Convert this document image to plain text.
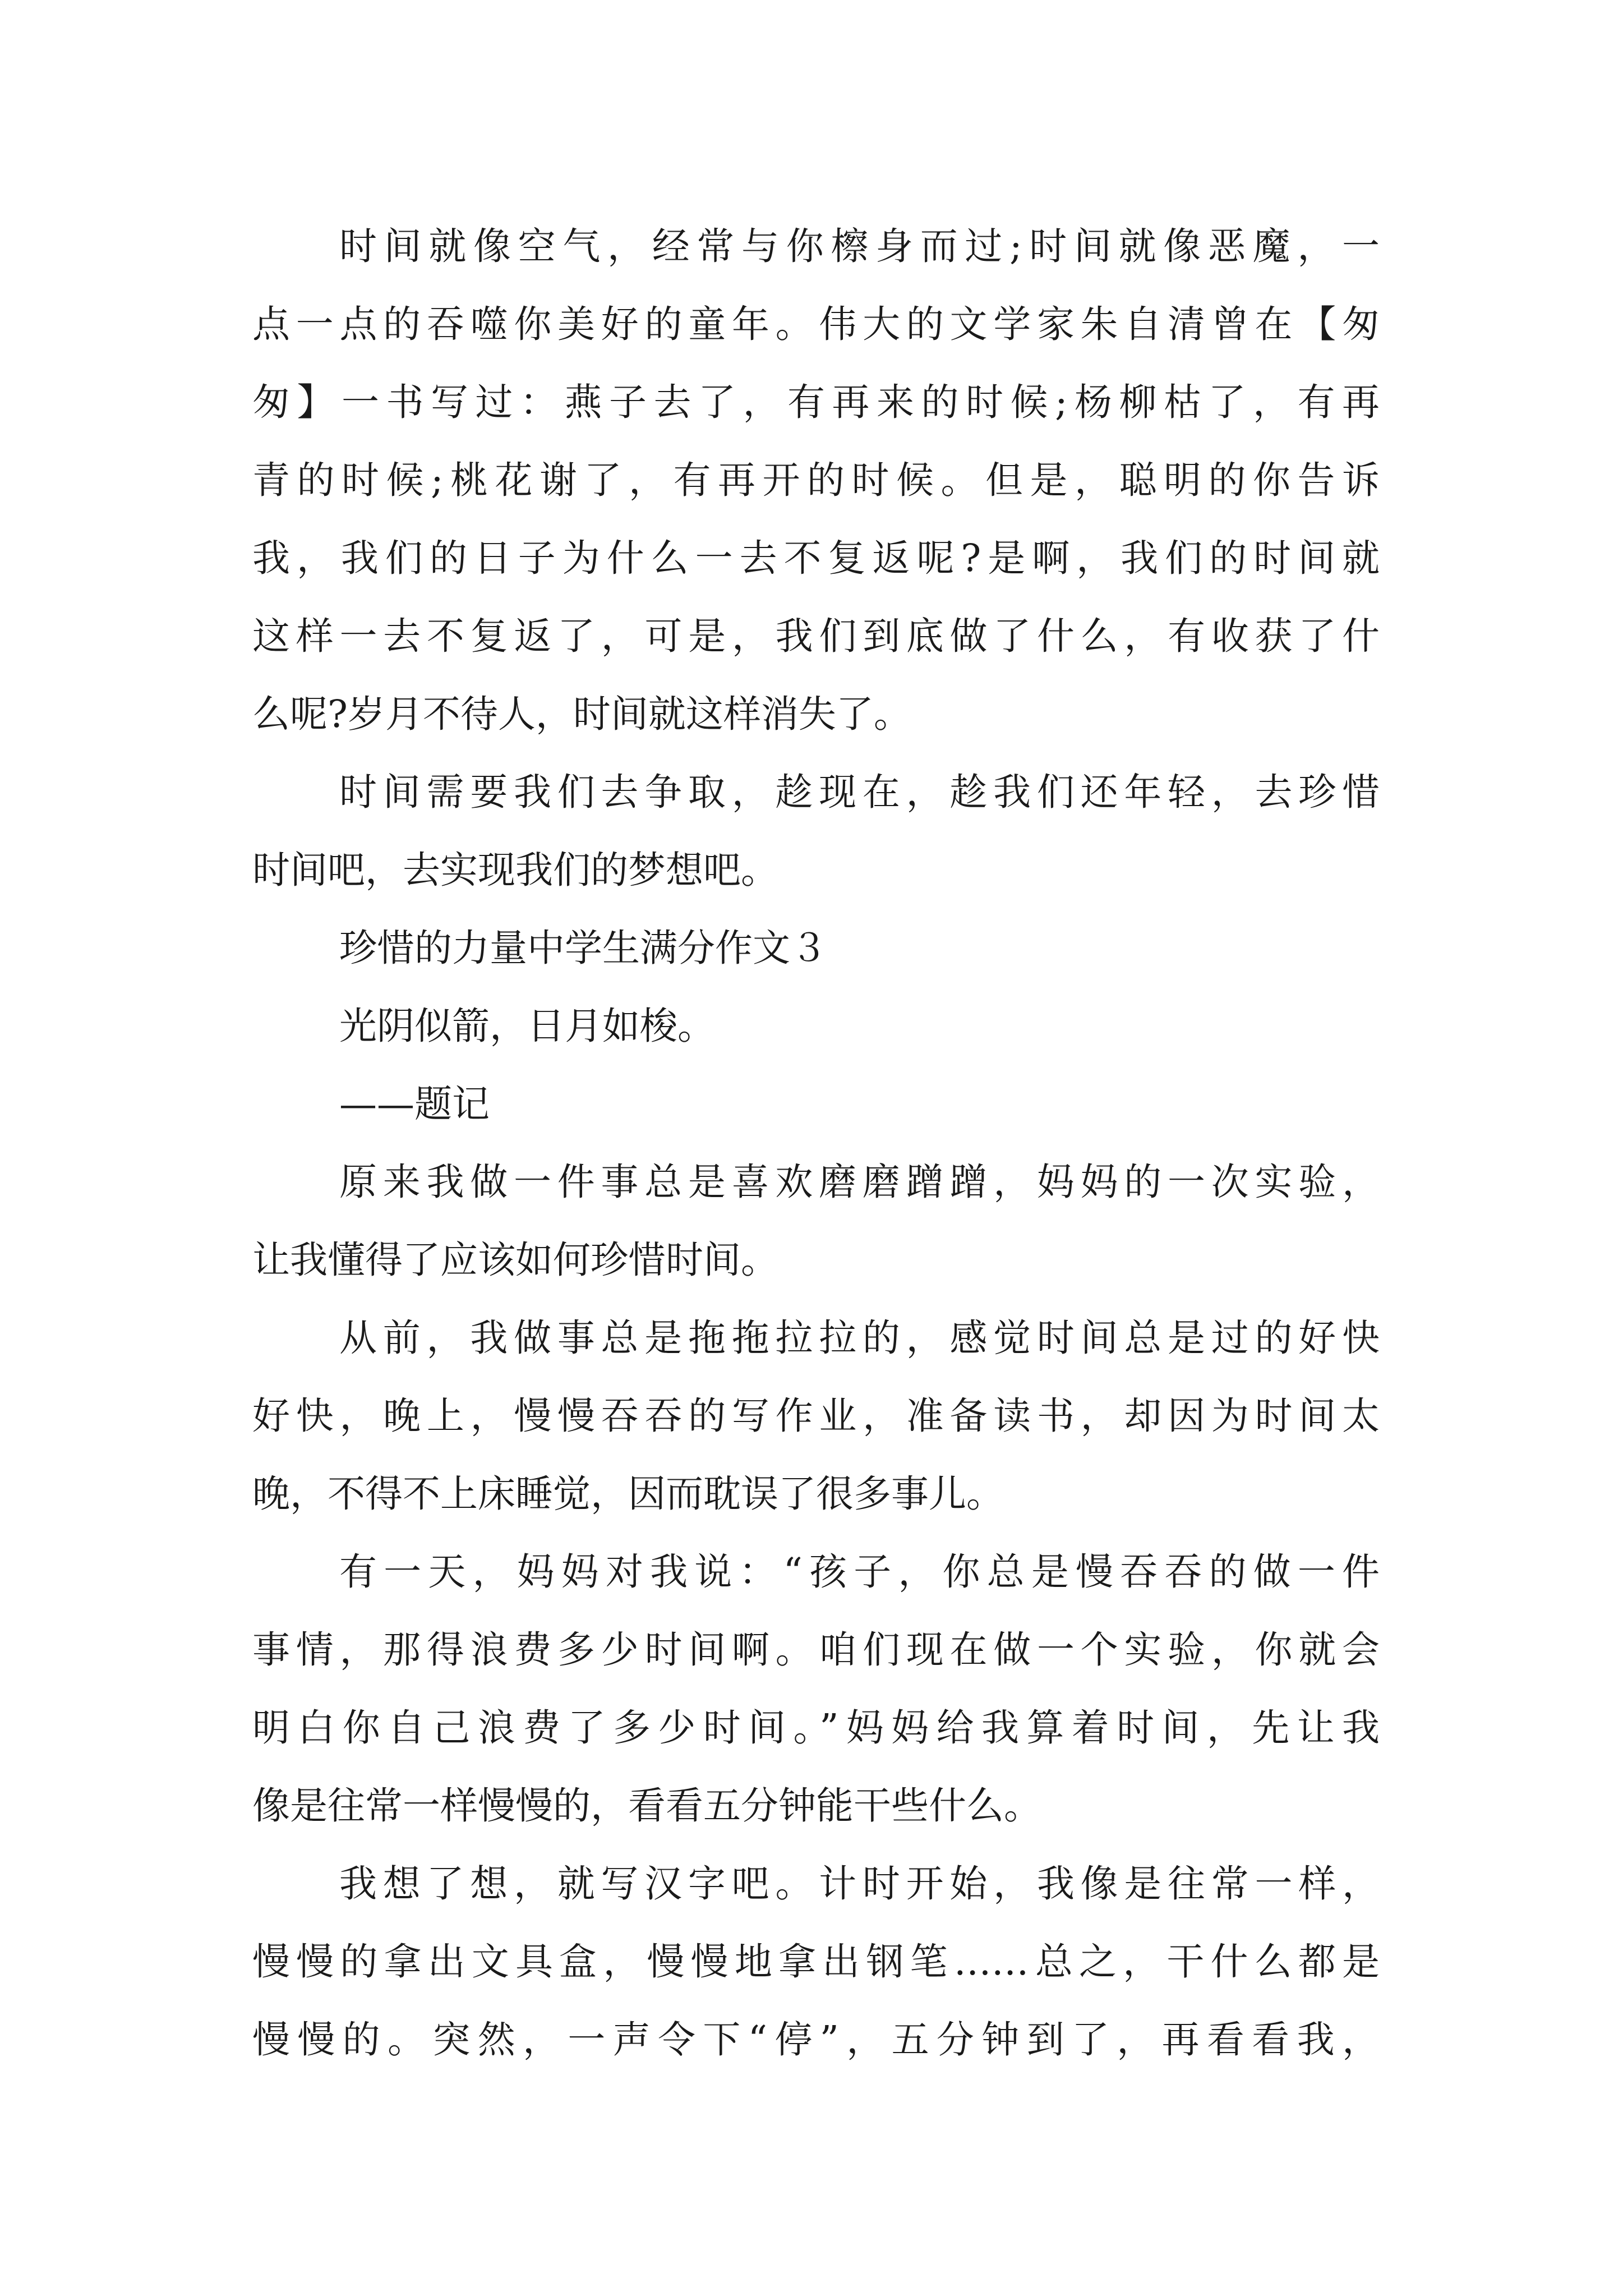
时间就像空气，经常与你檫身而过;时间就像恶魔，一
点一点的吞噬你美好的童年。伟大的文学家朱自清曾在【匆
匆】一书写过：燕子去了，有再来的时候;杨柳枯了，有再
青的时候;桃花谢了，有再开的时候。但是，聪明的你告诉
我，我们的日子为什么一去不复返呢?是啊，我们的时间就
这样一去不复返了，可是，我们到底做了什么，有收获了什
么呢?岁月不待人，时间就这样消失了。
时间需要我们去争取，趁现在，趁我们还年轻，去珍惜
时间吧，去实现我们的梦想吧。
珍惜的力量中学生满分作文３
光阴似箭，日月如梭。
——题记
原来我做一件事总是喜欢磨磨蹭蹭，妈妈的一次实验，
让我懂得了应该如何珍惜时间。
从前，我做事总是拖拖拉拉的，感觉时间总是过的好快
好快，晚上，慢慢吞吞的写作业，准备读书，却因为时间太
晚，不得不上床睡觉，因而耽误了很多事儿。
有一天，妈妈对我说：“孩子，你总是慢吞吞的做一件
事情，那得浪费多少时间啊。咱们现在做一个实验，你就会
明白你自己浪费了多少时间。”妈妈给我算着时间，先让我
像是往常一样慢慢的，看看五分钟能干些什么。
我想了想，就写汉字吧。计时开始，我像是往常一样，
慢慢的拿出文具盒，慢慢地拿出钢笔……总之，干什么都是
慢慢的。突然，一声令下“停”，五分钟到了，再看看我，
